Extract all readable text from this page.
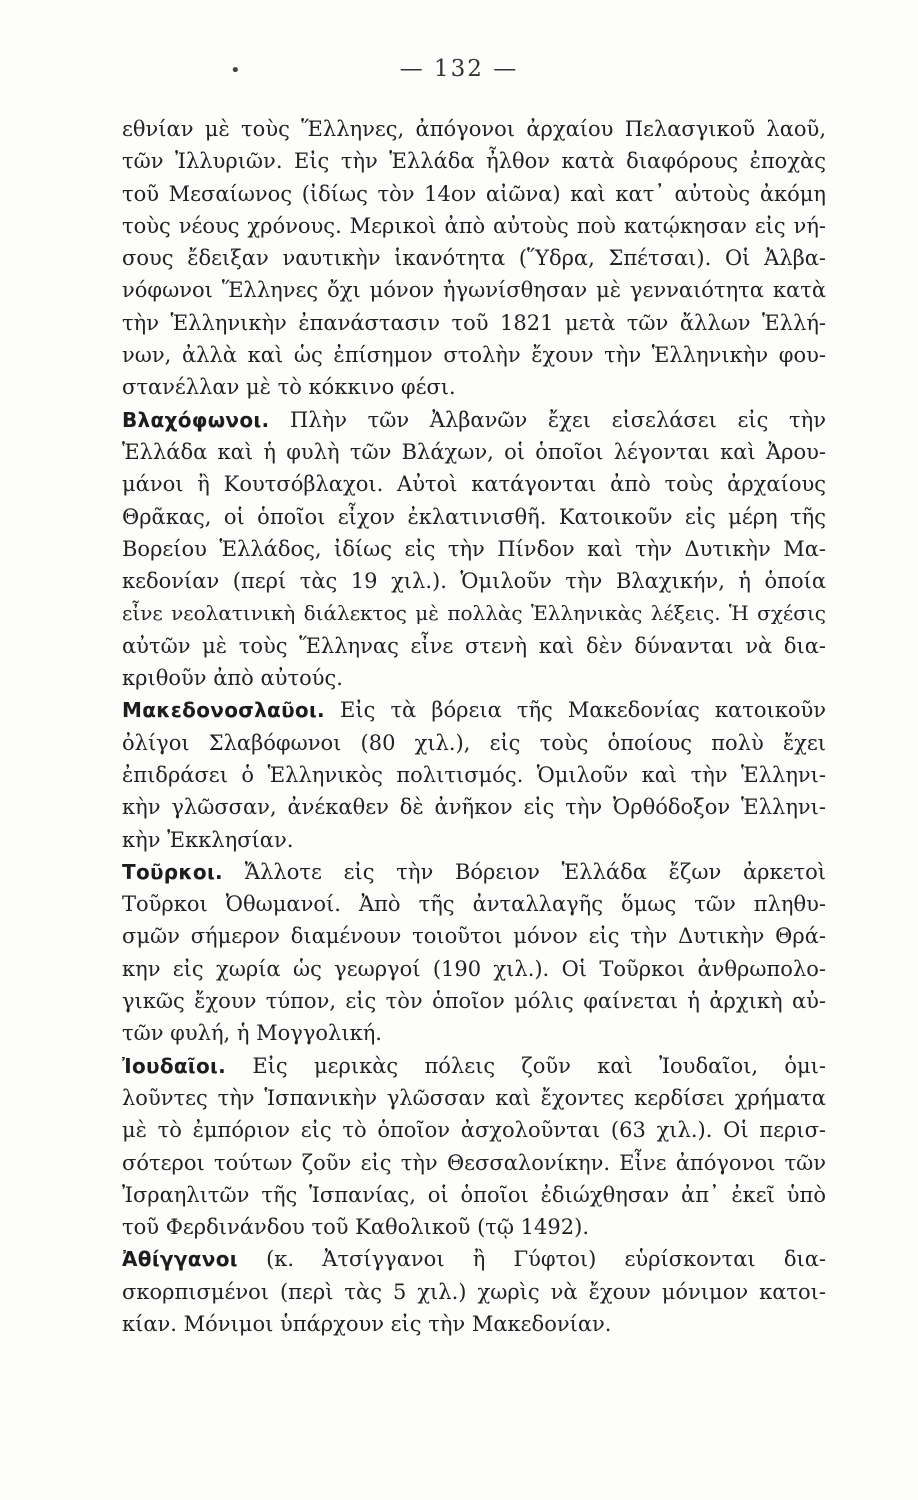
•	— 132 —
εθνίαν μὲ τοὺς Ἕλληνες, ἀπόγονοι ἀρχαίου Πελασγικοῦ λαοῦ,
τῶν Ἰλλυριῶν. Εἰς τὴν Ἑλλάδα ἦλθον κατὰ διαφόρους ἐποχὰς
τοῦ Μεσαίωνος (ἰδίως τὸν 14ον αἰῶνα) καὶ κατ᾽ αὐτοὺς ἀκόμη
τοὺς νέους χρόνους. Μερικοὶ ἀπὸ αὐτοὺς ποὺ κατῴκησαν εἰς νή-
σους ἔδειξαν ναυτικὴν ἱκανότητα (Ὕδρα, Σπέτσαι). Οἱ Ἀλβα-
νόφωνοι Ἕλληνες ὄχι μόνον ἠγωνίσθησαν μὲ γενναιότητα κατὰ
τὴν Ἑλληνικὴν ἐπανάστασιν τοῦ 1821 μετὰ τῶν ἄλλων Ἑλλή-
νων, ἀλλὰ καὶ ὡς ἐπίσημον στολὴν ἔχουν τὴν Ἑλληνικὴν φου-
στανέλλαν μὲ τὸ κόκκινο φέσι.
Βλαχόφωνοι. Πλὴν τῶν Ἀλβανῶν ἔχει εἰσελάσει εἰς τὴν
Ἑλλάδα καὶ ἡ φυλὴ τῶν Βλάχων, οἱ ὁποῖοι λέγονται καὶ Ἀρου-
μάνοι ἢ Κουτσόβλαχοι. Αὐτοὶ κατάγονται ἀπὸ τοὺς ἀρχαίους
Θρᾶκας, οἱ ὁποῖοι εἶχον ἐκλατινισθῆ. Κατοικοῦν εἰς μέρη τῆς
Βορείου Ἑλλάδος, ἰδίως εἰς τὴν Πίνδον καὶ τὴν Δυτικὴν Μα-
κεδονίαν (περί τὰς 19 χιλ.). Ὁμιλοῦν τὴν Βλαχικήν, ἡ ὁποία
εἶνε νεολατινικὴ διάλεκτος μὲ πολλὰς Ἑλληνικὰς λέξεις. Ἡ σχέσις
αὐτῶν μὲ τοὺς Ἕλληνας εἶνε στενὴ καὶ δὲν δύνανται νὰ δια-
κριθοῦν ἀπὸ αὐτούς.
Μακεδονοσλαῦοι. Εἰς τὰ βόρεια τῆς Μακεδονίας κατοικοῦν
ὀλίγοι Σλαβόφωνοι (80 χιλ.), εἰς τοὺς ὁποίους πολὺ ἔχει
ἐπιδράσει ὁ Ἑλληνικὸς πολιτισμός. Ὁμιλοῦν καὶ τὴν Ἑλληνι-
κὴν γλῶσσαν, ἀνέκαθεν δὲ ἀνῆκον εἰς τὴν Ὀρθόδοξον Ἑλληνι-
κὴν Ἐκκλησίαν.
Τοῦρκοι. Ἄλλοτε εἰς τὴν Βόρειον Ἑλλάδα ἔζων ἀρκετοὶ
Τοῦρκοι Ὀθωμανοί. Ἀπὸ τῆς ἀνταλλαγῆς ὅμως τῶν πληθυ-
σμῶν σήμερον διαμένουν τοιοῦτοι μόνον εἰς τὴν Δυτικὴν Θρά-
κην εἰς χωρία ὡς γεωργοί (190 χιλ.). Οἱ Τοῦρκοι ἀνθρωπολο-
γικῶς ἔχουν τύπον, εἰς τὸν ὁποῖον μόλις φαίνεται ἡ ἀρχικὴ αὐ-
τῶν φυλή, ἡ Μογγολική.
Ἰουδαῖοι. Εἰς μερικὰς πόλεις ζοῦν καὶ Ἰουδαῖοι, ὁμι-
λοῦντες τὴν Ἱσπανικὴν γλῶσσαν καὶ ἔχοντες κερδίσει χρήματα
μὲ τὸ ἐμπόριον εἰς τὸ ὁποῖον ἀσχολοῦνται (63 χιλ.). Οἱ περισ-
σότεροι τούτων ζοῦν εἰς τὴν Θεσσαλονίκην. Εἶνε ἀπόγονοι τῶν
Ἰσραηλιτῶν τῆς Ἱσπανίας, οἱ ὁποῖοι ἐδιώχθησαν ἀπ᾽ ἐκεῖ ὑπὸ
τοῦ Φερδινάνδου τοῦ Καθολικοῦ (τῷ 1492).
Ἀθίγγανοι (κ. Ἀτσίγγανοι ἢ Γύφτοι) εὑρίσκονται δια-
σκορπισμένοι (περὶ τὰς 5 χιλ.) χωρὶς νὰ ἔχουν μόνιμον κατοι-
κίαν. Μόνιμοι ὑπάρχουν εἰς τὴν Μακεδονίαν.
